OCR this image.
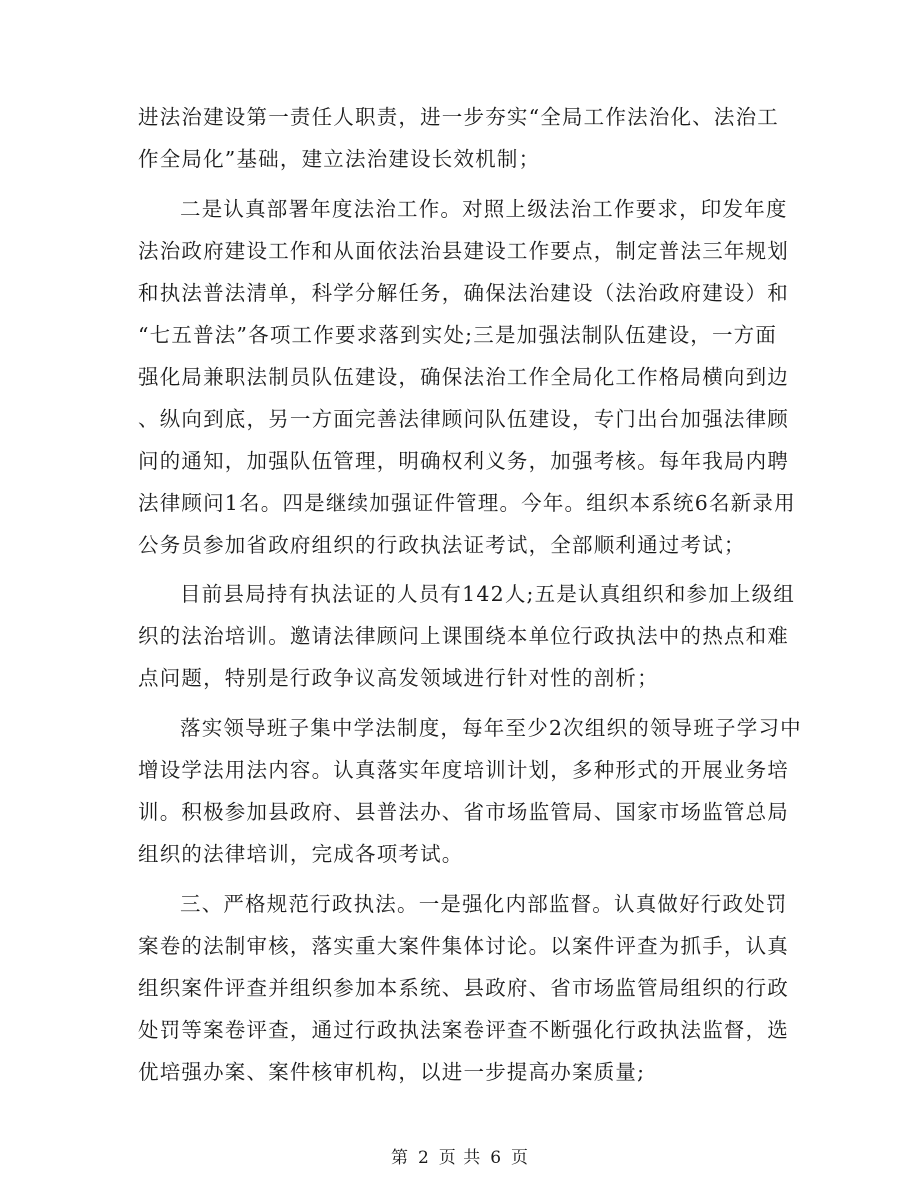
进法治建设第一责任人职责，进一步夯实“全局工作法治化、法治工
作全局化”基础，建立法治建设长效机制；
二是认真部署年度法治工作。对照上级法治工作要求，印发年度
法治政府建设工作和从面依法治县建设工作要点，制定普法三年规划
和执法普法清单，科学分解任务，确保法治建设（法治政府建设）和
“七五普法”各项工作要求落到实处;三是加强法制队伍建设，一方面
强化局兼职法制员队伍建设，确保法治工作全局化工作格局横向到边
、纵向到底，另一方面完善法律顾问队伍建设，专门出台加强法律顾
问的通知，加强队伍管理，明确权利义务，加强考核。每年我局内聘
法律顾问1名。四是继续加强证件管理。今年。组织本系统6名新录用
公务员参加省政府组织的行政执法证考试，全部顺利通过考试；
目前县局持有执法证的人员有142人;五是认真组织和参加上级组
织的法治培训。邀请法律顾问上课围绕本单位行政执法中的热点和难
点问题，特别是行政争议高发领域进行针对性的剖析；
落实领导班子集中学法制度，每年至少2次组织的领导班子学习中
增设学法用法内容。认真落实年度培训计划，多种形式的开展业务培
训。积极参加县政府、县普法办、省市场监管局、国家市场监管总局
组织的法律培训，完成各项考试。
三、严格规范行政执法。一是强化内部监督。认真做好行政处罚
案卷的法制审核，落实重大案件集体讨论。以案件评查为抓手，认真
组织案件评查并组织参加本系统、县政府、省市场监管局组织的行政
处罚等案卷评查，通过行政执法案卷评查不断强化行政执法监督，选
优培强办案、案件核审机构，以进一步提高办案质量;
第 2 页 共 6 页
